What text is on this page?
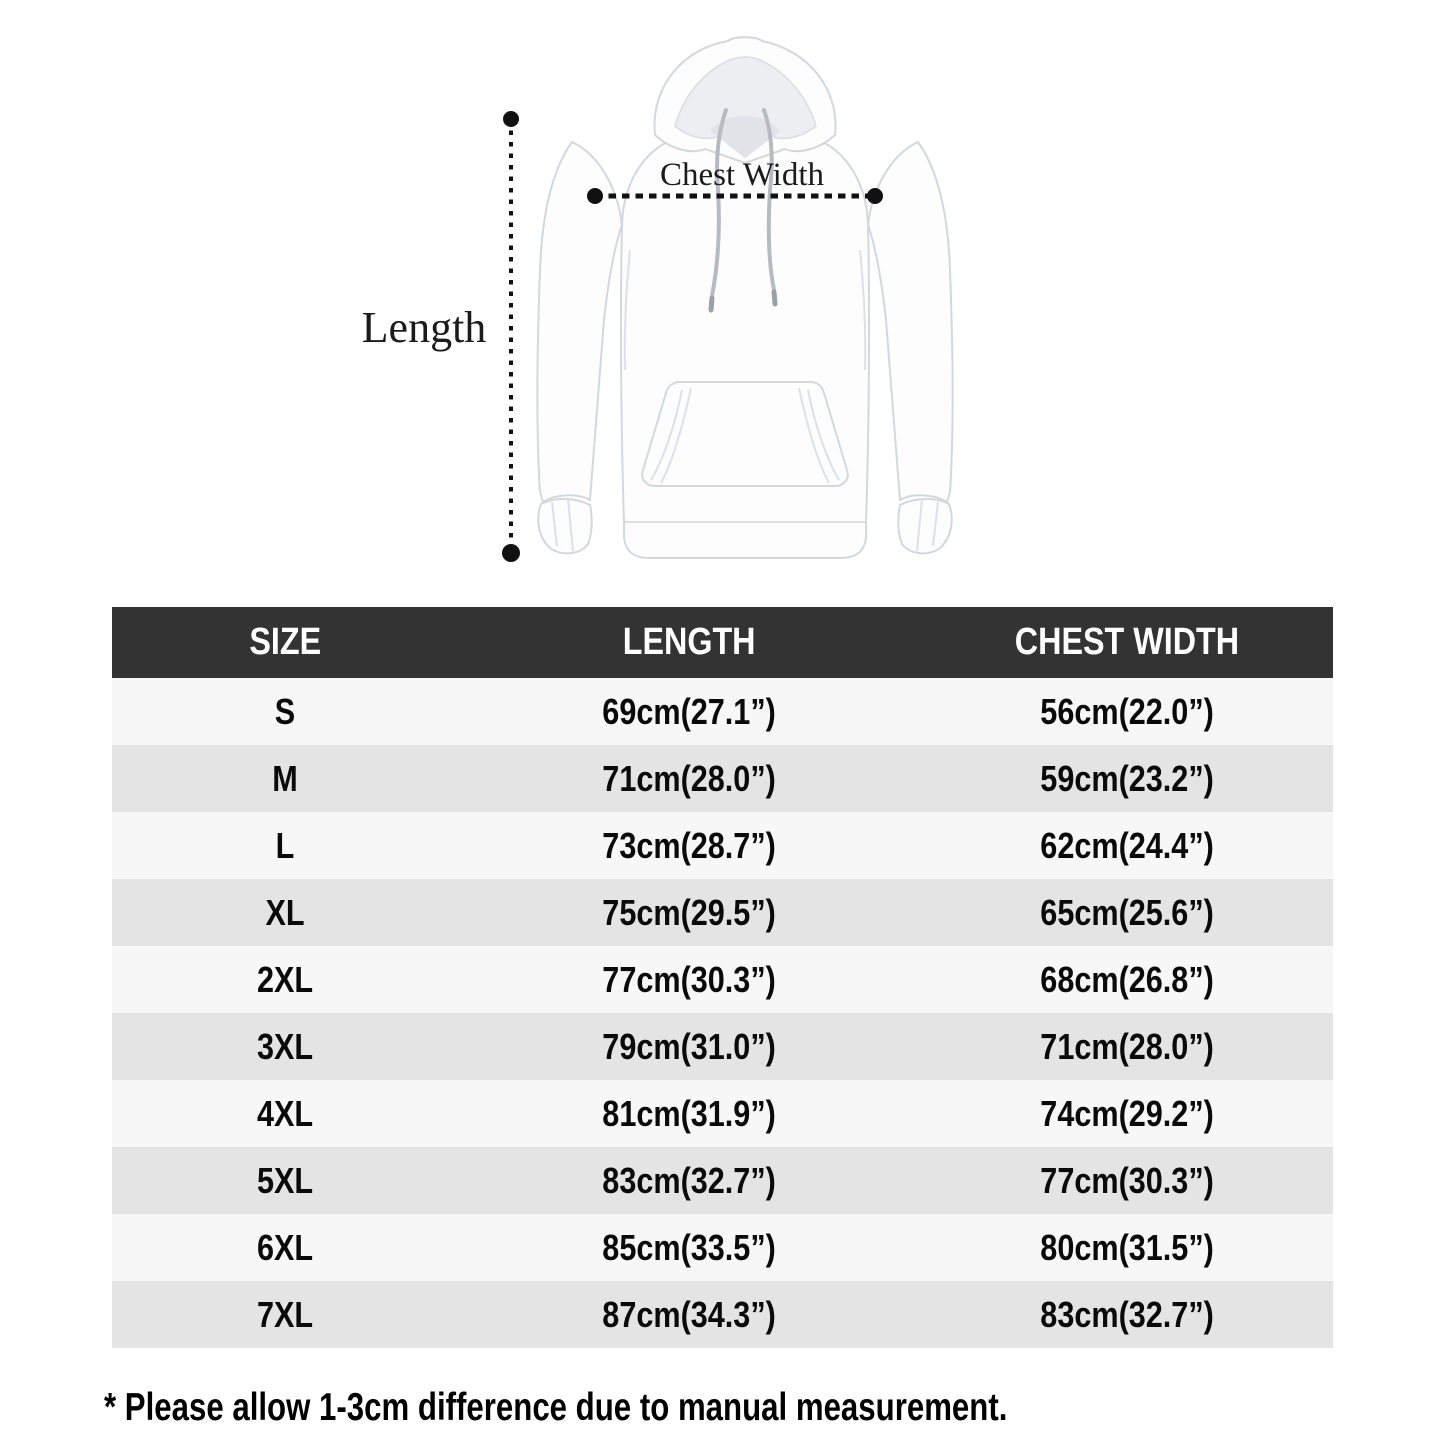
Length
Chest Width
SIZE	LENGTH	CHEST WIDTH
S	69cm(27.1”)	56cm(22.0”)
M	71cm(28.0”)	59cm(23.2”)
L	73cm(28.7”)	62cm(24.4”)
XL	75cm(29.5”)	65cm(25.6”)
2XL	77cm(30.3”)	68cm(26.8”)
3XL	79cm(31.0”)	71cm(28.0”)
4XL	81cm(31.9”)	74cm(29.2”)
5XL	83cm(32.7”)	77cm(30.3”)
6XL	85cm(33.5”)	80cm(31.5”)
7XL	87cm(34.3”)	83cm(32.7”)
* Please allow 1-3cm difference due to manual measurement.
